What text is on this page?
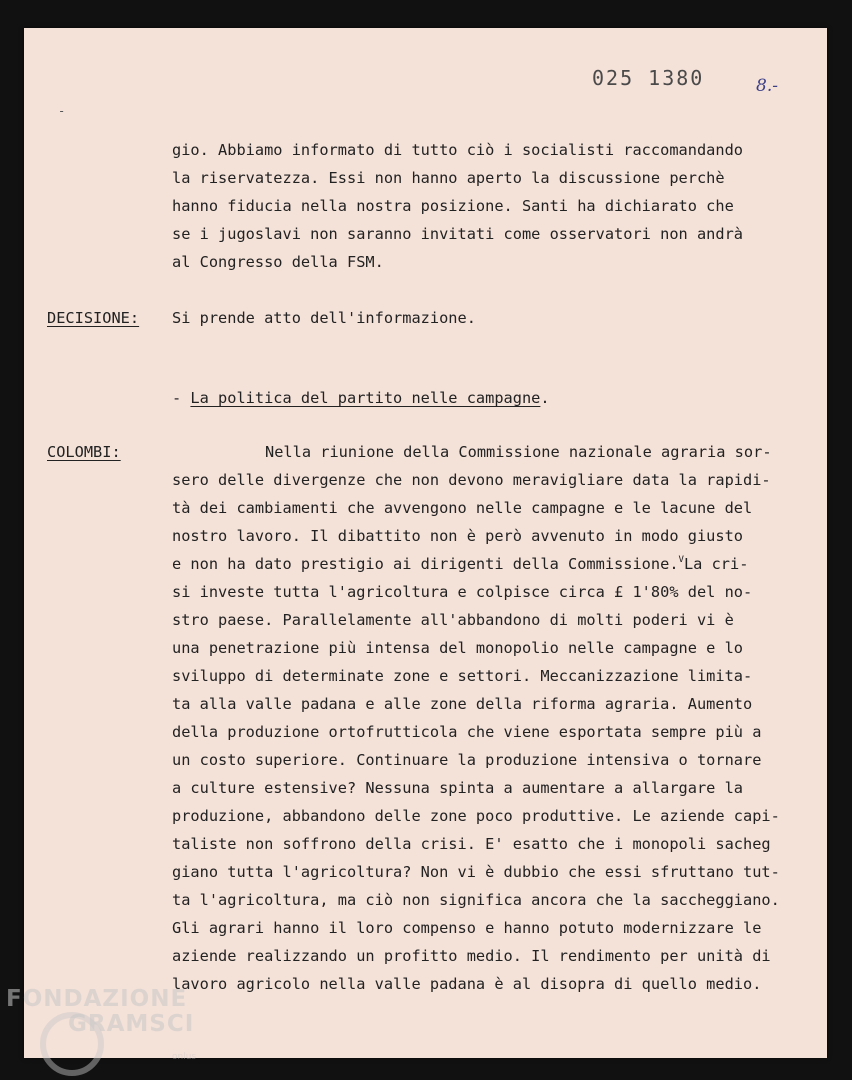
025 1380	8.-
-
gio. Abbiamo informato di tutto ciò i socialisti raccomandando
la riservatezza. Essi non hanno aperto la discussione perchè
hanno fiducia nella nostra posizione. Santi ha dichiarato che
se i jugoslavi non saranno invitati come osservatori non andrà
al Congresso della FSM.
DECISIONE: Si prende atto dell'informazione.
- La politica del partito nelle campagne.
COLOMBI:	Nella riunione della Commissione nazionale agraria sor-
sero delle divergenze che non devono meravigliare data la rapidi-
tà dei cambiamenti che avvengono nelle campagne e le lacune del
nostro lavoro. Il dibattito non è però avvenuto in modo giusto
e non ha dato prestigio ai dirigenti della Commissione.$^V$La cri-
si investe tutta l'agricoltura e colpisce circa £ 1'80% del no-
stro paese. Parallelamente all'abbandono di molti poderi vi è
una penetrazione più intensa del monopolio nelle campagne e lo
sviluppo di determinate zone e settori. Meccanizzazione limita-
ta alla valle padana e alle zone della riforma agraria. Aumento
della produzione ortofrutticola che viene esportata sempre più a
un costo superiore. Continuare la produzione intensiva o tornare
a culture estensive? Nessuna spinta a aumentare a allargare la
produzione, abbandono delle zone poco produttive. Le aziende capi-
taliste non soffrono della crisi. E' esatto che i monopoli sacheg
giano tutta l'agricoltura? Non vi è dubbio che essi sfruttano tut-
ta l'agricoltura, ma ciò non significa ancora che la saccheggiano.
Gli agrari hanno il loro compenso e hanno potuto modernizzare le
aziende realizzando un profitto medio. Il rendimento per unità di
lavoro agricolo nella valle padana è al disopra di quello medio.
FONDAZIONE
GRAMSCI
onlus
